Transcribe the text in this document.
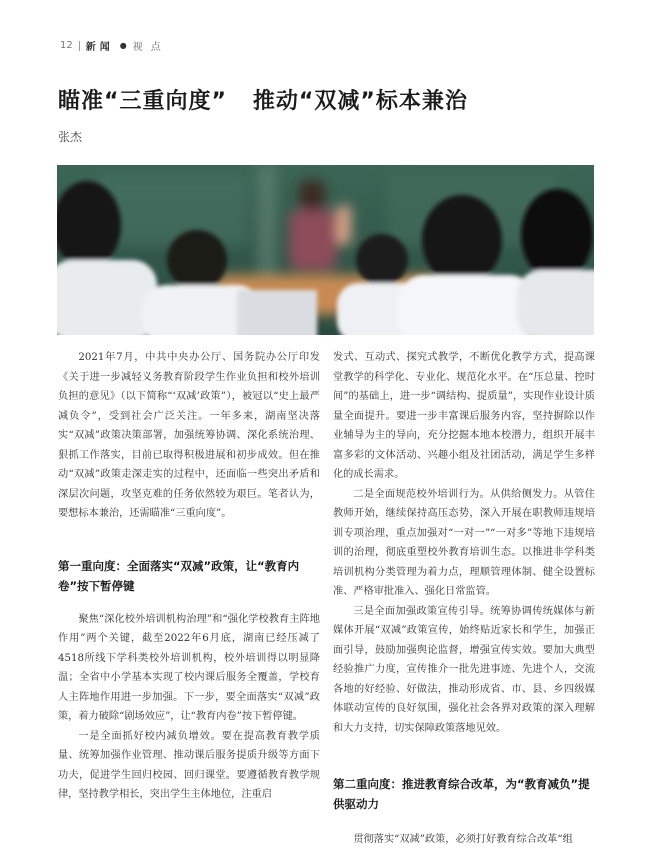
12 新闻 ● 视点
瞄准“三重向度” 推动“双减”标本兼治
张杰

2021年7月，中共中央办公厅、国务院办公厅印发《关于进一步减轻义务教育阶段学生作业负担和校外培训负担的意见》（以下简称“‘双减’政策”），被冠以“史上最严减负令”，受到社会广泛关注。一年多来，湖南坚决落实“双减”政策决策部署，加强统筹协调、深化系统治理、狠抓工作落实，目前已取得积极进展和初步成效。但在推动“双减”政策走深走实的过程中，还面临一些突出矛盾和深层次问题，攻坚克难的任务依然较为艰巨。笔者认为，要想标本兼治，还需瞄准“三重向度”。

第一重向度：全面落实“双减”政策，让“教育内卷”按下暂停键

聚焦“深化校外培训机构治理”和“强化学校教育主阵地作用”两个关键，截至2022年6月底，湖南已经压减了4518所线下学科类校外培训机构，校外培训得以明显降温；全省中小学基本实现了校内课后服务全覆盖，学校育人主阵地作用进一步加强。下一步，要全面落实“双减”政策，着力破除“剧场效应”，让“教育内卷”按下暂停键。

一是全面抓好校内减负增效。要在提高教育教学质量、统筹加强作业管理、推动课后服务提质升级等方面下功夫，促进学生回归校园、回归课堂。要遵循教育教学规律，坚持教学相长，突出学生主体地位，注重启

发式、互动式、探究式教学，不断优化教学方式，提高课堂教学的科学化、专业化、规范化水平。在“压总量、控时间”的基础上，进一步“调结构、提质量”，实现作业设计质量全面提升。要进一步丰富课后服务内容，坚持摒除以作业辅导为主的导向，充分挖掘本地本校潜力，组织开展丰富多彩的文体活动、兴趣小组及社团活动，满足学生多样化的成长需求。

二是全面规范校外培训行为。从供给侧发力。从管住教师开始，继续保持高压态势，深入开展在职教师违规培训专项治理，重点加强对“一对一”“一对多”等地下违规培训的治理，彻底重塑校外教育培训生态。以推进非学科类培训机构分类管理为着力点，理顺管理体制、健全设置标准、严格审批准入、强化日常监管。

三是全面加强政策宣传引导。统筹协调传统媒体与新媒体开展“双减”政策宣传，始终贴近家长和学生，加强正面引导，鼓励加强舆论监督，增强宣传实效。要加大典型经验推广力度，宣传推介一批先进事迹、先进个人，交流各地的好经验、好做法，推动形成省、市、县、乡四级媒体联动宣传的良好氛围，强化社会各界对政策的深入理解和大力支持，切实保障政策落地见效。

第二重向度：推进教育综合改革，为“教育减负”提供驱动力

贯彻落实“双减”政策，必须打好教育综合改革“组
